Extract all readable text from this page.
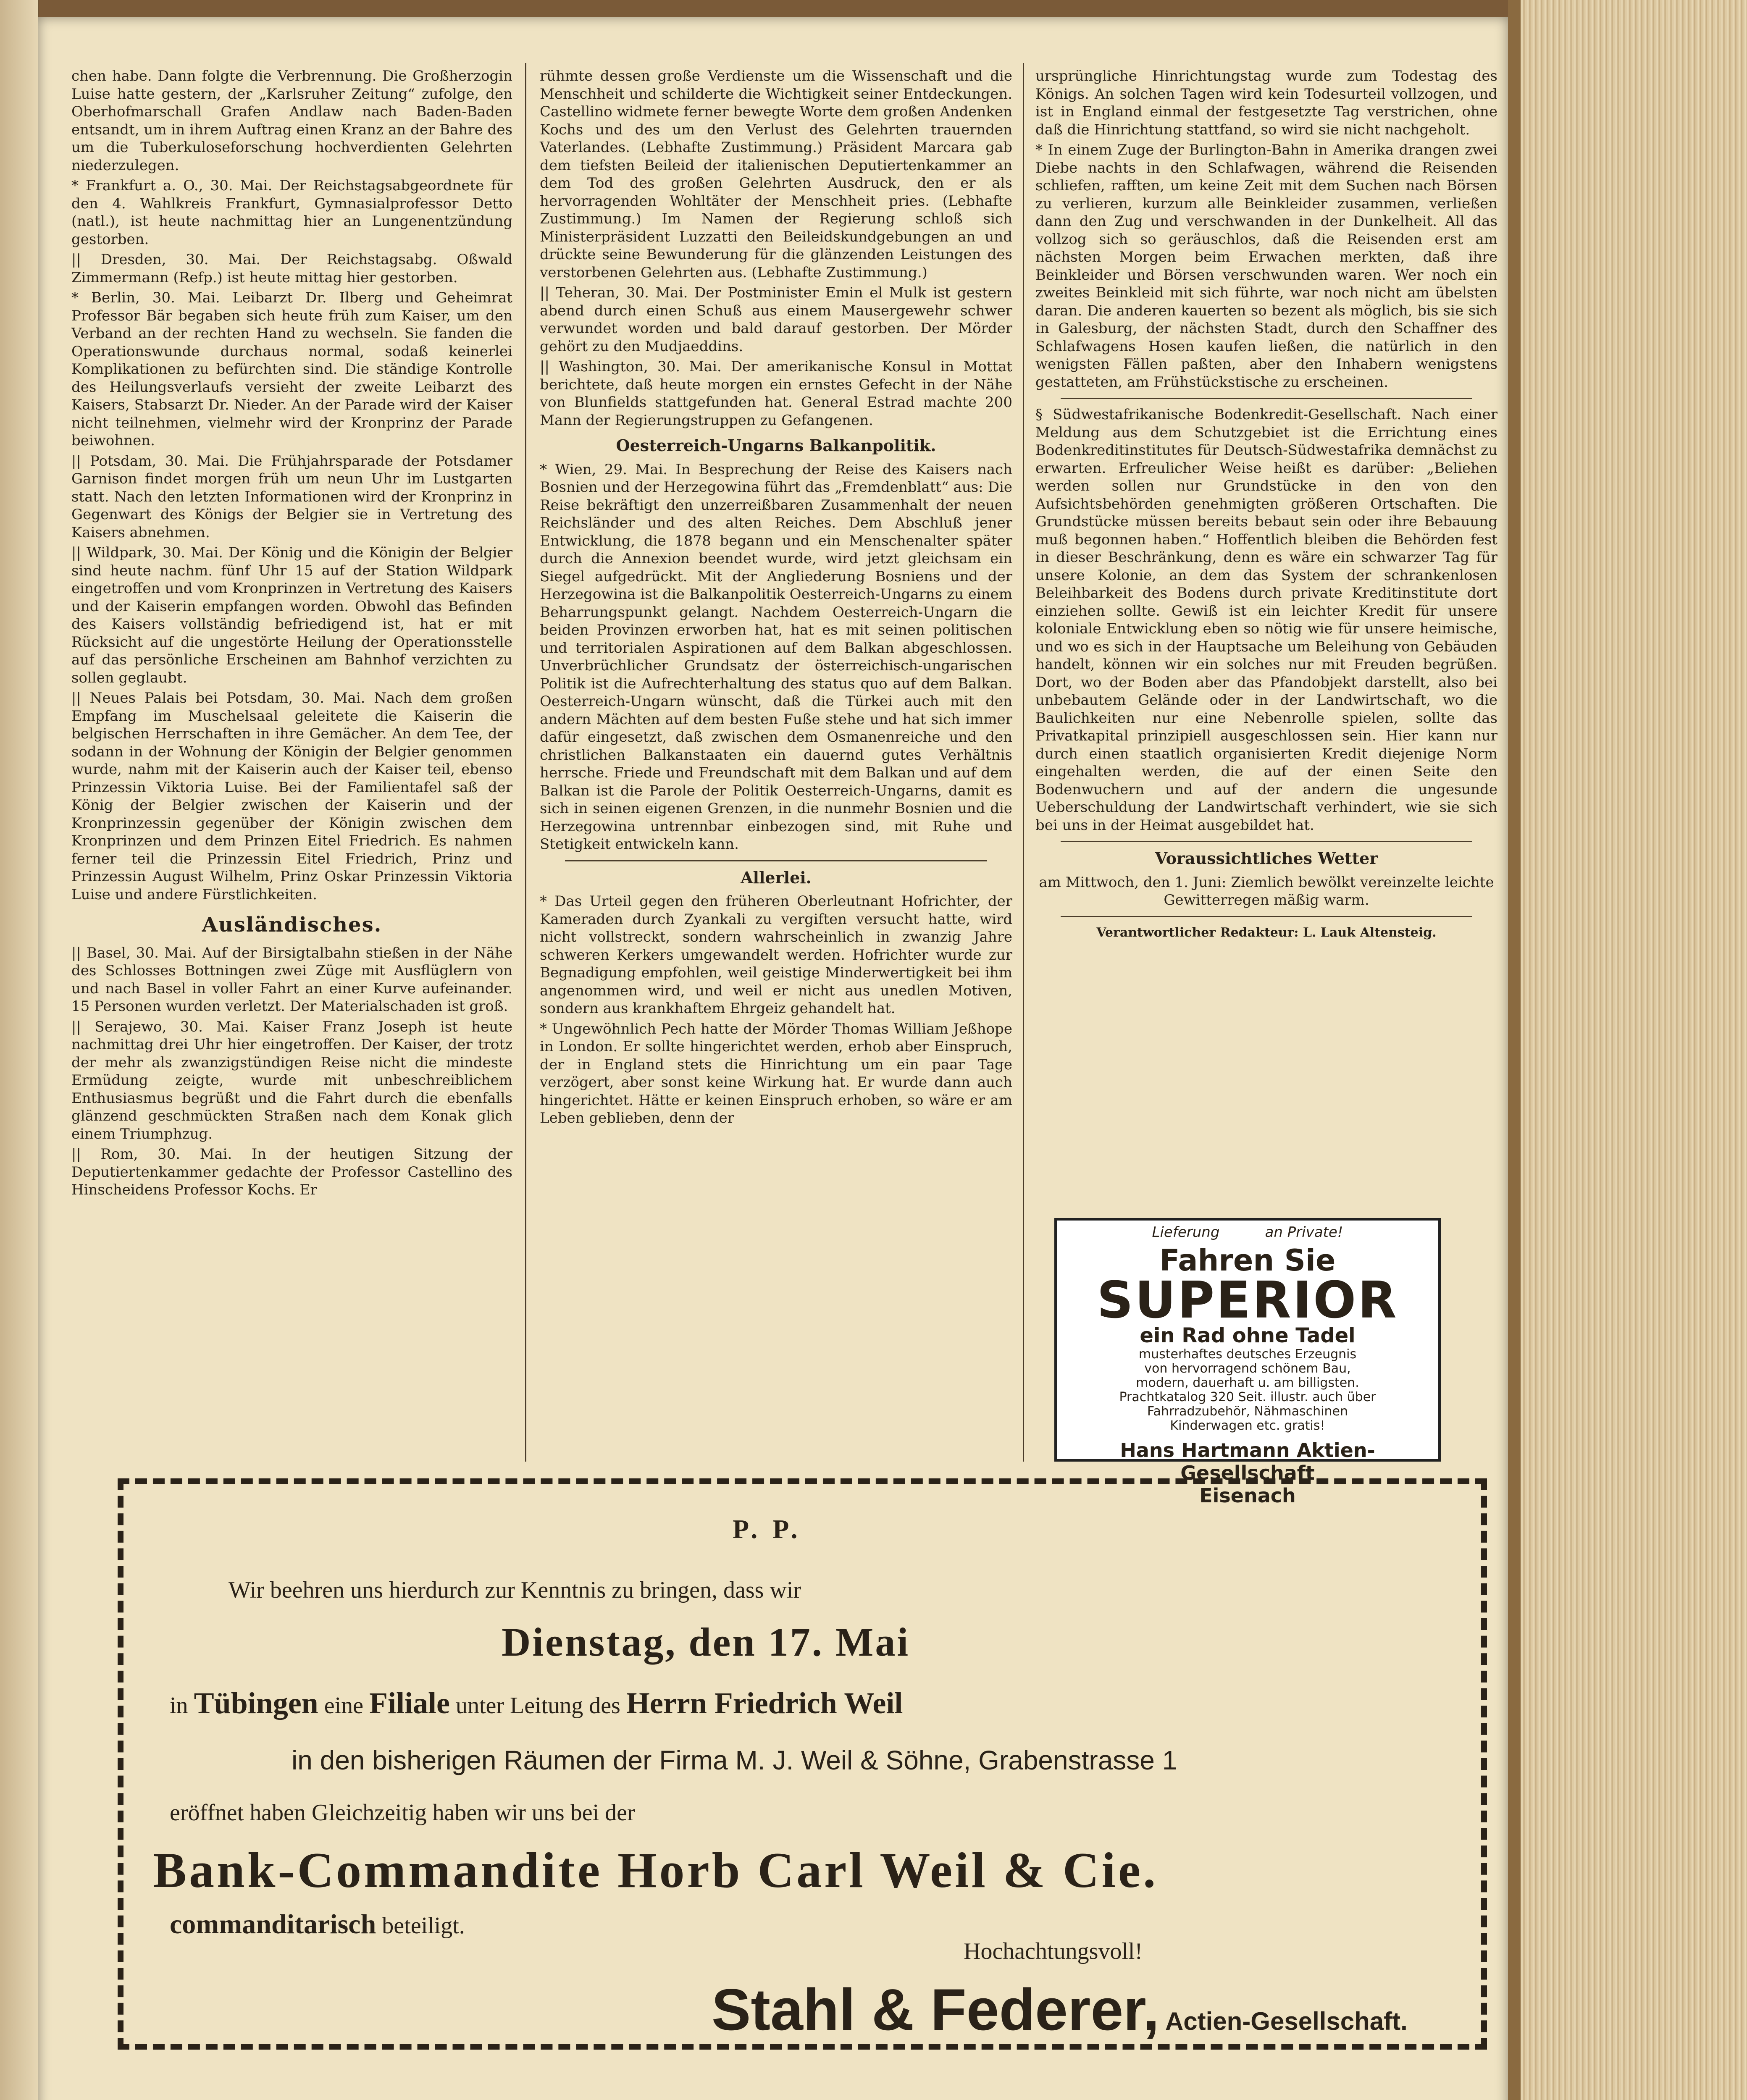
chen habe. Dann folgte die Verbrennung. Die Großherzogin Luise hatte gestern, der „Karlsruher Zeitung“ zufolge, den Oberhofmarschall Grafen Andlaw nach Baden-Baden entsandt, um in ihrem Auftrag einen Kranz an der Bahre des um die Tuberkuloseforschung hochverdienten Gelehrten niederzulegen.

* Frankfurt a. O., 30. Mai. Der Reichstagsabgeordnete für den 4. Wahlkreis Frankfurt, Gymnasialprofessor Detto (natl.), ist heute nachmittag hier an Lungenentzündung gestorben.

|| Dresden, 30. Mai. Der Reichstagsabg. Oßwald Zimmermann (Refp.) ist heute mittag hier gestorben.

* Berlin, 30. Mai. Leibarzt Dr. Ilberg und Geheimrat Professor Bär begaben sich heute früh zum Kaiser, um den Verband an der rechten Hand zu wechseln. Sie fanden die Operationswunde durchaus normal, sodaß keinerlei Komplikationen zu befürchten sind. Die ständige Kontrolle des Heilungsverlaufs versieht der zweite Leibarzt des Kaisers, Stabsarzt Dr. Nieder. An der Parade wird der Kaiser nicht teilnehmen, vielmehr wird der Kronprinz der Parade beiwohnen.

|| Potsdam, 30. Mai. Die Frühjahrsparade der Potsdamer Garnison findet morgen früh um neun Uhr im Lustgarten statt. Nach den letzten Informationen wird der Kronprinz in Gegenwart des Königs der Belgier sie in Vertretung des Kaisers abnehmen.

|| Wildpark, 30. Mai. Der König und die Königin der Belgier sind heute nachm. fünf Uhr 15 auf der Station Wildpark eingetroffen und vom Kronprinzen in Vertretung des Kaisers und der Kaiserin empfangen worden. Obwohl das Befinden des Kaisers vollständig befriedigend ist, hat er mit Rücksicht auf die ungestörte Heilung der Operationsstelle auf das persönliche Erscheinen am Bahnhof verzichten zu sollen geglaubt.

|| Neues Palais bei Potsdam, 30. Mai. Nach dem großen Empfang im Muschelsaal geleitete die Kaiserin die belgischen Herrschaften in ihre Gemächer. An dem Tee, der sodann in der Wohnung der Königin der Belgier genommen wurde, nahm mit der Kaiserin auch der Kaiser teil, ebenso Prinzessin Viktoria Luise. Bei der Familientafel saß der König der Belgier zwischen der Kaiserin und der Kronprinzessin gegenüber der Königin zwischen dem Kronprinzen und dem Prinzen Eitel Friedrich. Es nahmen ferner teil die Prinzessin Eitel Friedrich, Prinz und Prinzessin August Wilhelm, Prinz Oskar Prinzessin Viktoria Luise und andere Fürstlichkeiten.

Ausländisches.

|| Basel, 30. Mai. Auf der Birsigtalbahn stießen in der Nähe des Schlosses Bottningen zwei Züge mit Ausflüglern von und nach Basel in voller Fahrt an einer Kurve aufeinander. 15 Personen wurden verletzt. Der Materialschaden ist groß.

|| Serajewo, 30. Mai. Kaiser Franz Joseph ist heute nachmittag drei Uhr hier eingetroffen. Der Kaiser, der trotz der mehr als zwanzigstündigen Reise nicht die mindeste Ermüdung zeigte, wurde mit unbeschreiblichem Enthusiasmus begrüßt und die Fahrt durch die ebenfalls glänzend geschmückten Straßen nach dem Konak glich einem Triumphzug.

|| Rom, 30. Mai. In der heutigen Sitzung der Deputiertenkammer gedachte der Professor Castellino des Hinscheidens Professor Kochs. Er

rühmte dessen große Verdienste um die Wissenschaft und die Menschheit und schilderte die Wichtigkeit seiner Entdeckungen. Castellino widmete ferner bewegte Worte dem großen Andenken Kochs und des um den Verlust des Gelehrten trauernden Vaterlandes. (Lebhafte Zustimmung.) Präsident Marcara gab dem tiefsten Beileid der italienischen Deputiertenkammer an dem Tod des großen Gelehrten Ausdruck, den er als hervorragenden Wohltäter der Menschheit pries. (Lebhafte Zustimmung.) Im Namen der Regierung schloß sich Ministerpräsident Luzzatti den Beileidskundgebungen an und drückte seine Bewunderung für die glänzenden Leistungen des verstorbenen Gelehrten aus. (Lebhafte Zustimmung.)

|| Teheran, 30. Mai. Der Postminister Emin el Mulk ist gestern abend durch einen Schuß aus einem Mausergewehr schwer verwundet worden und bald darauf gestorben. Der Mörder gehört zu den Mudjaeddins.

|| Washington, 30. Mai. Der amerikanische Konsul in Mottat berichtete, daß heute morgen ein ernstes Gefecht in der Nähe von Blunfields stattgefunden hat. General Estrad machte 200 Mann der Regierungstruppen zu Gefangenen.

Oesterreich-Ungarns Balkanpolitik.

* Wien, 29. Mai. In Besprechung der Reise des Kaisers nach Bosnien und der Herzegowina führt das „Fremdenblatt“ aus: Die Reise bekräftigt den unzerreißbaren Zusammenhalt der neuen Reichsländer und des alten Reiches. Dem Abschluß jener Entwicklung, die 1878 begann und ein Menschenalter später durch die Annexion beendet wurde, wird jetzt gleichsam ein Siegel aufgedrückt. Mit der Angliederung Bosniens und der Herzegowina ist die Balkanpolitik Oesterreich-Ungarns zu einem Beharrungspunkt gelangt. Nachdem Oesterreich-Ungarn die beiden Provinzen erworben hat, hat es mit seinen politischen und territorialen Aspirationen auf dem Balkan abgeschlossen. Unverbrüchlicher Grundsatz der österreichisch-ungarischen Politik ist die Aufrechterhaltung des status quo auf dem Balkan. Oesterreich-Ungarn wünscht, daß die Türkei auch mit den andern Mächten auf dem besten Fuße stehe und hat sich immer dafür eingesetzt, daß zwischen dem Osmanenreiche und den christlichen Balkanstaaten ein dauernd gutes Verhältnis herrsche. Friede und Freundschaft mit dem Balkan und auf dem Balkan ist die Parole der Politik Oesterreich-Ungarns, damit es sich in seinen eigenen Grenzen, in die nunmehr Bosnien und die Herzegowina untrennbar einbezogen sind, mit Ruhe und Stetigkeit entwickeln kann.

Allerlei.

* Das Urteil gegen den früheren Oberleutnant Hofrichter, der Kameraden durch Zyankali zu vergiften versucht hatte, wird nicht vollstreckt, sondern wahrscheinlich in zwanzig Jahre schweren Kerkers umgewandelt werden. Hofrichter wurde zur Begnadigung empfohlen, weil geistige Minderwertigkeit bei ihm angenommen wird, und weil er nicht aus unedlen Motiven, sondern aus krankhaftem Ehrgeiz gehandelt hat.

* Ungewöhnlich Pech hatte der Mörder Thomas William Jeßhope in London. Er sollte hingerichtet werden, erhob aber Einspruch, der in England stets die Hinrichtung um ein paar Tage verzögert, aber sonst keine Wirkung hat. Er wurde dann auch hingerichtet. Hätte er keinen Einspruch erhoben, so wäre er am Leben geblieben, denn der

ursprüngliche Hinrichtungstag wurde zum Todestag des Königs. An solchen Tagen wird kein Todesurteil vollzogen, und ist in England einmal der festgesetzte Tag verstrichen, ohne daß die Hinrichtung stattfand, so wird sie nicht nachgeholt.

* In einem Zuge der Burlington-Bahn in Amerika drangen zwei Diebe nachts in den Schlafwagen, während die Reisenden schliefen, rafften, um keine Zeit mit dem Suchen nach Börsen zu verlieren, kurzum alle Beinkleider zusammen, verließen dann den Zug und verschwanden in der Dunkelheit. All das vollzog sich so geräuschlos, daß die Reisenden erst am nächsten Morgen beim Erwachen merkten, daß ihre Beinkleider und Börsen verschwunden waren. Wer noch ein zweites Beinkleid mit sich führte, war noch nicht am übelsten daran. Die anderen kauerten so bezent als möglich, bis sie sich in Galesburg, der nächsten Stadt, durch den Schaffner des Schlafwagens Hosen kaufen ließen, die natürlich in den wenigsten Fällen paßten, aber den Inhabern wenigstens gestatteten, am Frühstückstische zu erscheinen.

§ Südwestafrikanische Bodenkredit-Gesellschaft. Nach einer Meldung aus dem Schutzgebiet ist die Errichtung eines Bodenkreditinstitutes für Deutsch-Südwestafrika demnächst zu erwarten. Erfreulicher Weise heißt es darüber: „Beliehen werden sollen nur Grundstücke in den von den Aufsichtsbehörden genehmigten größeren Ortschaften. Die Grundstücke müssen bereits bebaut sein oder ihre Bebauung muß begonnen haben.“ Hoffentlich bleiben die Behörden fest in dieser Beschränkung, denn es wäre ein schwarzer Tag für unsere Kolonie, an dem das System der schrankenlosen Beleihbarkeit des Bodens durch private Kreditinstitute dort einziehen sollte. Gewiß ist ein leichter Kredit für unsere koloniale Entwicklung eben so nötig wie für unsere heimische, und wo es sich in der Hauptsache um Beleihung von Gebäuden handelt, können wir ein solches nur mit Freuden begrüßen. Dort, wo der Boden aber das Pfandobjekt darstellt, also bei unbebautem Gelände oder in der Landwirtschaft, wo die Baulichkeiten nur eine Nebenrolle spielen, sollte das Privatkapital prinzipiell ausgeschlossen sein. Hier kann nur durch einen staatlich organisierten Kredit diejenige Norm eingehalten werden, die auf der einen Seite den Bodenwuchern und auf der andern die ungesunde Ueberschuldung der Landwirtschaft verhindert, wie sie sich bei uns in der Heimat ausgebildet hat.

Voraussichtliches Wetter

am Mittwoch, den 1. Juni: Ziemlich bewölkt vereinzelte leichte Gewitterregen mäßig warm.

Verantwortlicher Redakteur: L. Lauk Altensteig.

Lieferung	an Private!
Fahren Sie
SUPERIOR
ein Rad ohne Tadel
musterhaftes deutsches Erzeugnis
von hervorragend schönem Bau,
modern, dauerhaft u. am billigsten.
Prachtkatalog 320 Seit. illustr. auch über
Fahrradzubehör, Nähmaschinen
Kinderwagen etc. gratis!
Hans Hartmann Aktien-Gesellschaft
Eisenach
P. P.
Wir beehren uns hierdurch zur Kenntnis zu bringen, dass wir
Dienstag, den 17. Mai
in Tübingen eine Filiale unter Leitung des Herrn Friedrich Weil
in den bisherigen Räumen der Firma M. J. Weil & Söhne, Grabenstrasse 1
eröffnet haben Gleichzeitig haben wir uns bei der
Bank-Commandite Horb Carl Weil & Cie.
commanditarisch beteiligt.
Hochachtungsvoll!
Stahl & Federer, Actien-Gesellschaft.
